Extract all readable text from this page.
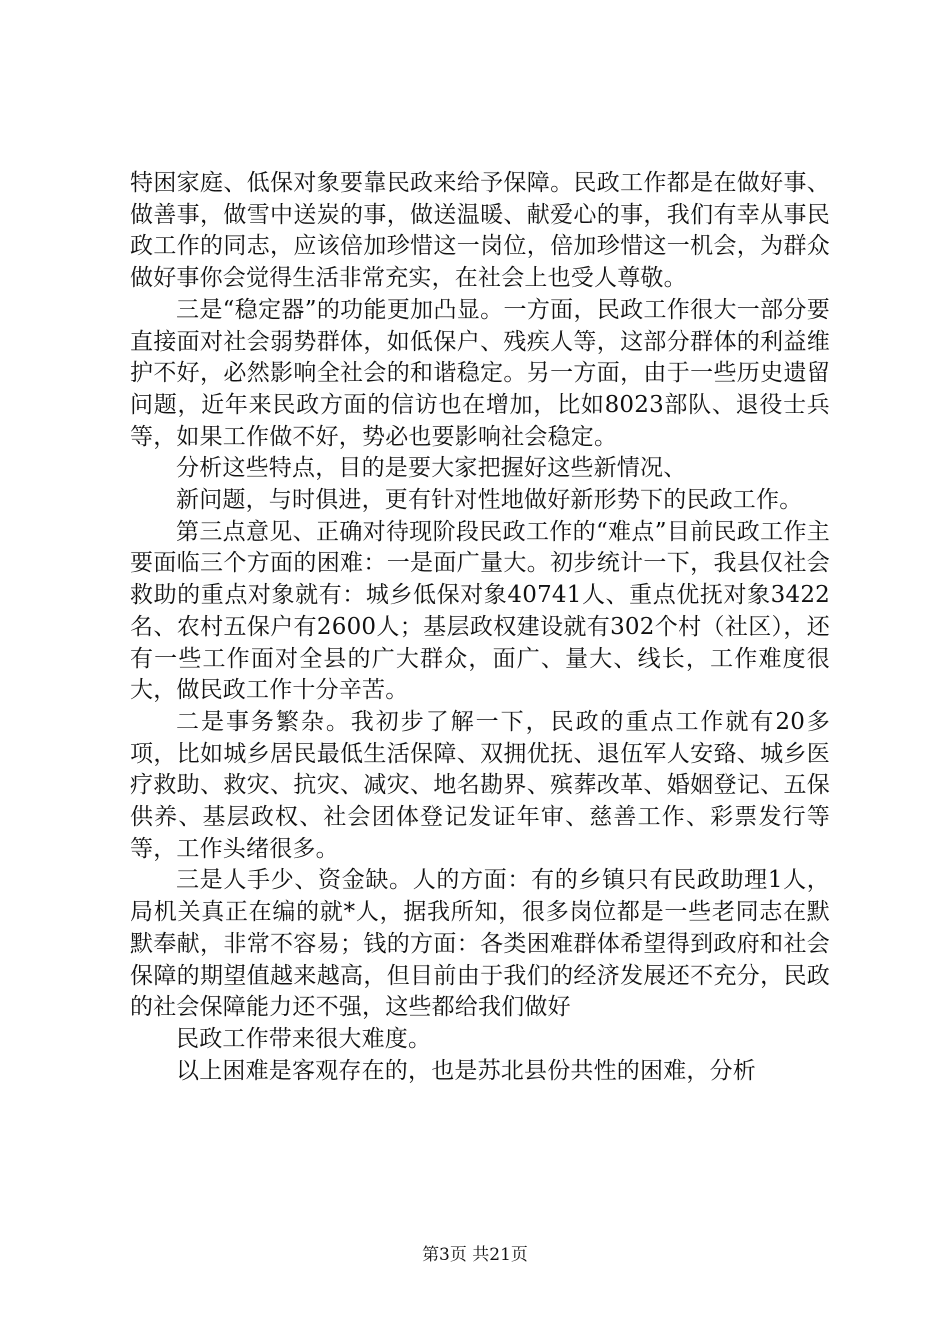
特困家庭、低保对象要靠民政来给予保障。民政工作都是在做好事、做善事，做雪中送炭的事，做送温暖、献爱心的事，我们有幸从事民政工作的同志，应该倍加珍惜这一岗位，倍加珍惜这一机会，为群众做好事你会觉得生活非常充实，在社会上也受人尊敬。

三是“稳定器”的功能更加凸显。一方面，民政工作很大一部分要直接面对社会弱势群体，如低保户、残疾人等，这部分群体的利益维护不好，必然影响全社会的和谐稳定。另一方面，由于一些历史遗留问题，近年来民政方面的信访也在增加，比如8023部队、退役士兵等，如果工作做不好，势必也要影响社会稳定。

分析这些特点，目的是要大家把握好这些新情况、

新问题，与时俱进，更有针对性地做好新形势下的民政工作。

第三点意见、正确对待现阶段民政工作的“难点”目前民政工作主要面临三个方面的困难：一是面广量大。初步统计一下，我县仅社会救助的重点对象就有：城乡低保对象40741人、重点优抚对象3422名、农村五保户有2600人；基层政权建设就有302个村（社区），还有一些工作面对全县的广大群众，面广、量大、线长，工作难度很大，做民政工作十分辛苦。

二是事务繁杂。我初步了解一下，民政的重点工作就有20多项，比如城乡居民最低生活保障、双拥优抚、退伍军人安臵、城乡医疗救助、救灾、抗灾、减灾、地名勘界、殡葬改革、婚姻登记、五保供养、基层政权、社会团体登记发证年审、慈善工作、彩票发行等等，工作头绪很多。

三是人手少、资金缺。人的方面：有的乡镇只有民政助理1人，局机关真正在编的就*人，据我所知，很多岗位都是一些老同志在默默奉献，非常不容易；钱的方面：各类困难群体希望得到政府和社会保障的期望值越来越高，但目前由于我们的经济发展还不充分，民政的社会保障能力还不强，这些都给我们做好

民政工作带来很大难度。

以上困难是客观存在的，也是苏北县份共性的困难，分析

第3页 共21页
